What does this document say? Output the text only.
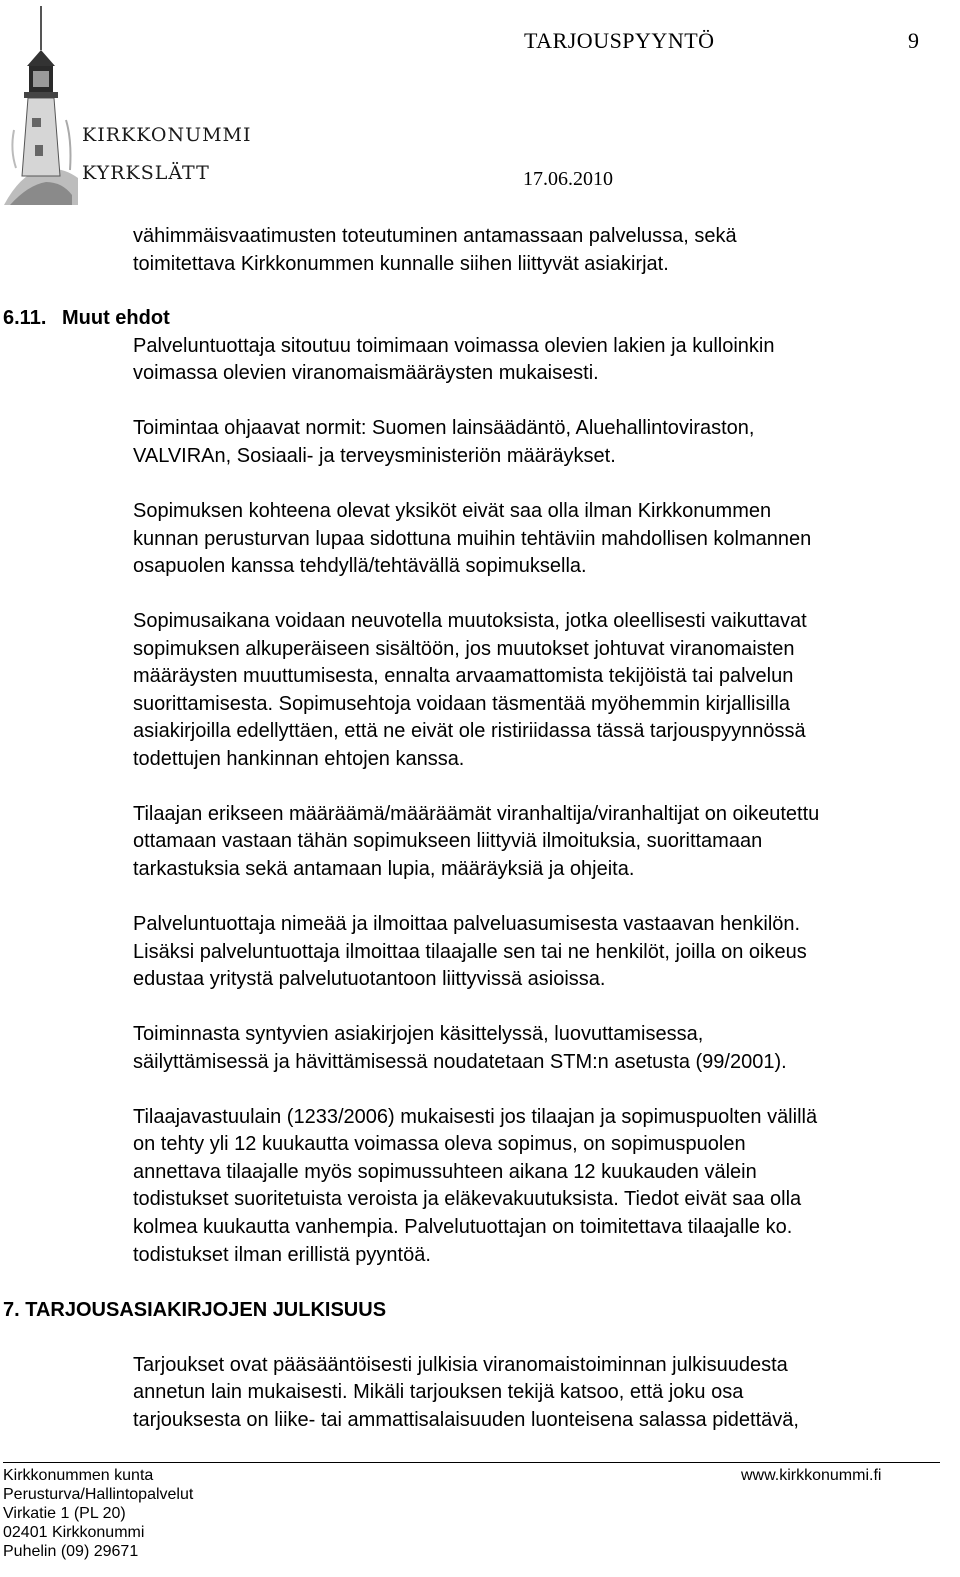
KIRKKONUMMI
KYRKSLÄTT
TARJOUSPYYNTÖ	9
17.06.2010
vähimmäisvaatimusten toteutuminen antamassaan palvelussa, sekä
toimitettava Kirkkonummen kunnalle siihen liittyvät asiakirjat.
6.11. Muut ehdot
Palveluntuottaja sitoutuu toimimaan voimassa olevien lakien ja kulloinkin
voimassa olevien viranomaismääräysten mukaisesti.
Toimintaa ohjaavat normit: Suomen lainsäädäntö, Aluehallintoviraston,
VALVIRAn, Sosiaali- ja terveysministeriön määräykset.
Sopimuksen kohteena olevat yksiköt eivät saa olla ilman Kirkkonummen
kunnan perusturvan lupaa sidottuna muihin tehtäviin mahdollisen kolmannen
osapuolen kanssa tehdyllä/tehtävällä sopimuksella.
Sopimusaikana voidaan neuvotella muutoksista, jotka oleellisesti vaikuttavat
sopimuksen alkuperäiseen sisältöön, jos muutokset johtuvat viranomaisten
määräysten muuttumisesta, ennalta arvaamattomista tekijöistä tai palvelun
suorittamisesta. Sopimusehtoja voidaan täsmentää myöhemmin kirjallisilla
asiakirjoilla edellyttäen, että ne eivät ole ristiriidassa tässä tarjouspyynnössä
todettujen hankinnan ehtojen kanssa.
Tilaajan erikseen määräämä/määräämät viranhaltija/viranhaltijat on oikeutettu
ottamaan vastaan tähän sopimukseen liittyviä ilmoituksia, suorittamaan
tarkastuksia sekä antamaan lupia, määräyksiä ja ohjeita.
Palveluntuottaja nimeää ja ilmoittaa palveluasumisesta vastaavan henkilön.
Lisäksi palveluntuottaja ilmoittaa tilaajalle sen tai ne henkilöt, joilla on oikeus
edustaa yritystä palvelutuotantoon liittyvissä asioissa.
Toiminnasta syntyvien asiakirjojen käsittelyssä, luovuttamisessa,
säilyttämisessä ja hävittämisessä noudatetaan STM:n asetusta (99/2001).
Tilaajavastuulain (1233/2006) mukaisesti jos tilaajan ja sopimuspuolten välillä
on tehty yli 12 kuukautta voimassa oleva sopimus, on sopimuspuolen
annettava tilaajalle myös sopimussuhteen aikana 12 kuukauden välein
todistukset suoritetuista veroista ja eläkevakuutuksista. Tiedot eivät saa olla
kolmea kuukautta vanhempia. Palvelutuottajan on toimitettava tilaajalle ko.
todistukset ilman erillistä pyyntöä.
7. TARJOUSASIAKIRJOJEN JULKISUUS
Tarjoukset ovat pääsääntöisesti julkisia viranomaistoiminnan julkisuudesta
annetun lain mukaisesti. Mikäli tarjouksen tekijä katsoo, että joku osa
tarjouksesta on liike- tai ammattisalaisuuden luonteisena salassa pidettävä,
Kirkkonummen kunta
Perusturva/Hallintopalvelut
Virkatie 1 (PL 20)
02401 Kirkkonummi
Puhelin (09) 29671
www.kirkkonummi.fi
